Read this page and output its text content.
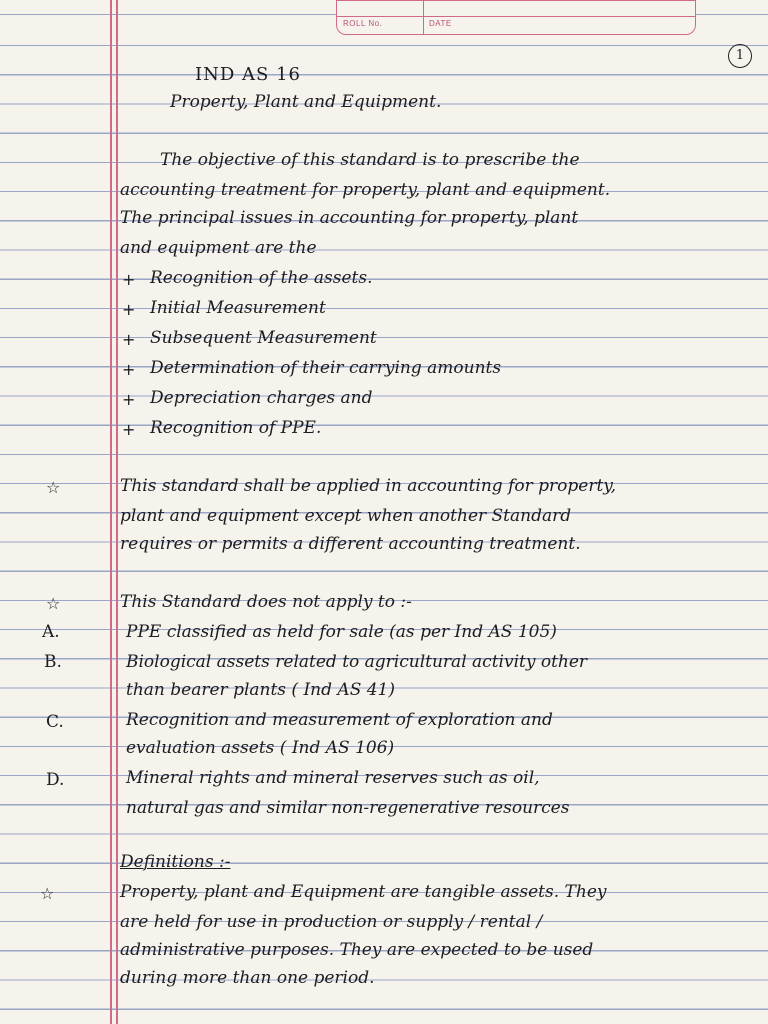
ROLL No.	DATE
1
IND AS 16
Property, Plant and Equipment.
The objective of this standard is to prescribe the
accounting treatment for property, plant and equipment.
The principal issues in accounting for property, plant
and equipment are the
+ Recognition of the assets.
+ Initial Measurement
+ Subsequent Measurement
+ Determination of their carrying amounts
+ Depreciation charges and
+ Recognition of PPE.
☆	This standard shall be applied in accounting for property,
plant and equipment except when another Standard
requires or permits a different accounting treatment.
☆	This Standard does not apply to :-
A.	PPE classified as held for sale (as per Ind AS 105)
B.	Biological assets related to agricultural activity other
than bearer plants ( Ind AS 41)
C.	Recognition and measurement of exploration and
evaluation assets ( Ind AS 106)
D.	Mineral rights and mineral reserves such as oil,
natural gas and similar non-regenerative resources
Definitions :-
☆	Property, plant and Equipment are tangible assets. They
are held for use in production or supply / rental /
administrative purposes. They are expected to be used
during more than one period.
